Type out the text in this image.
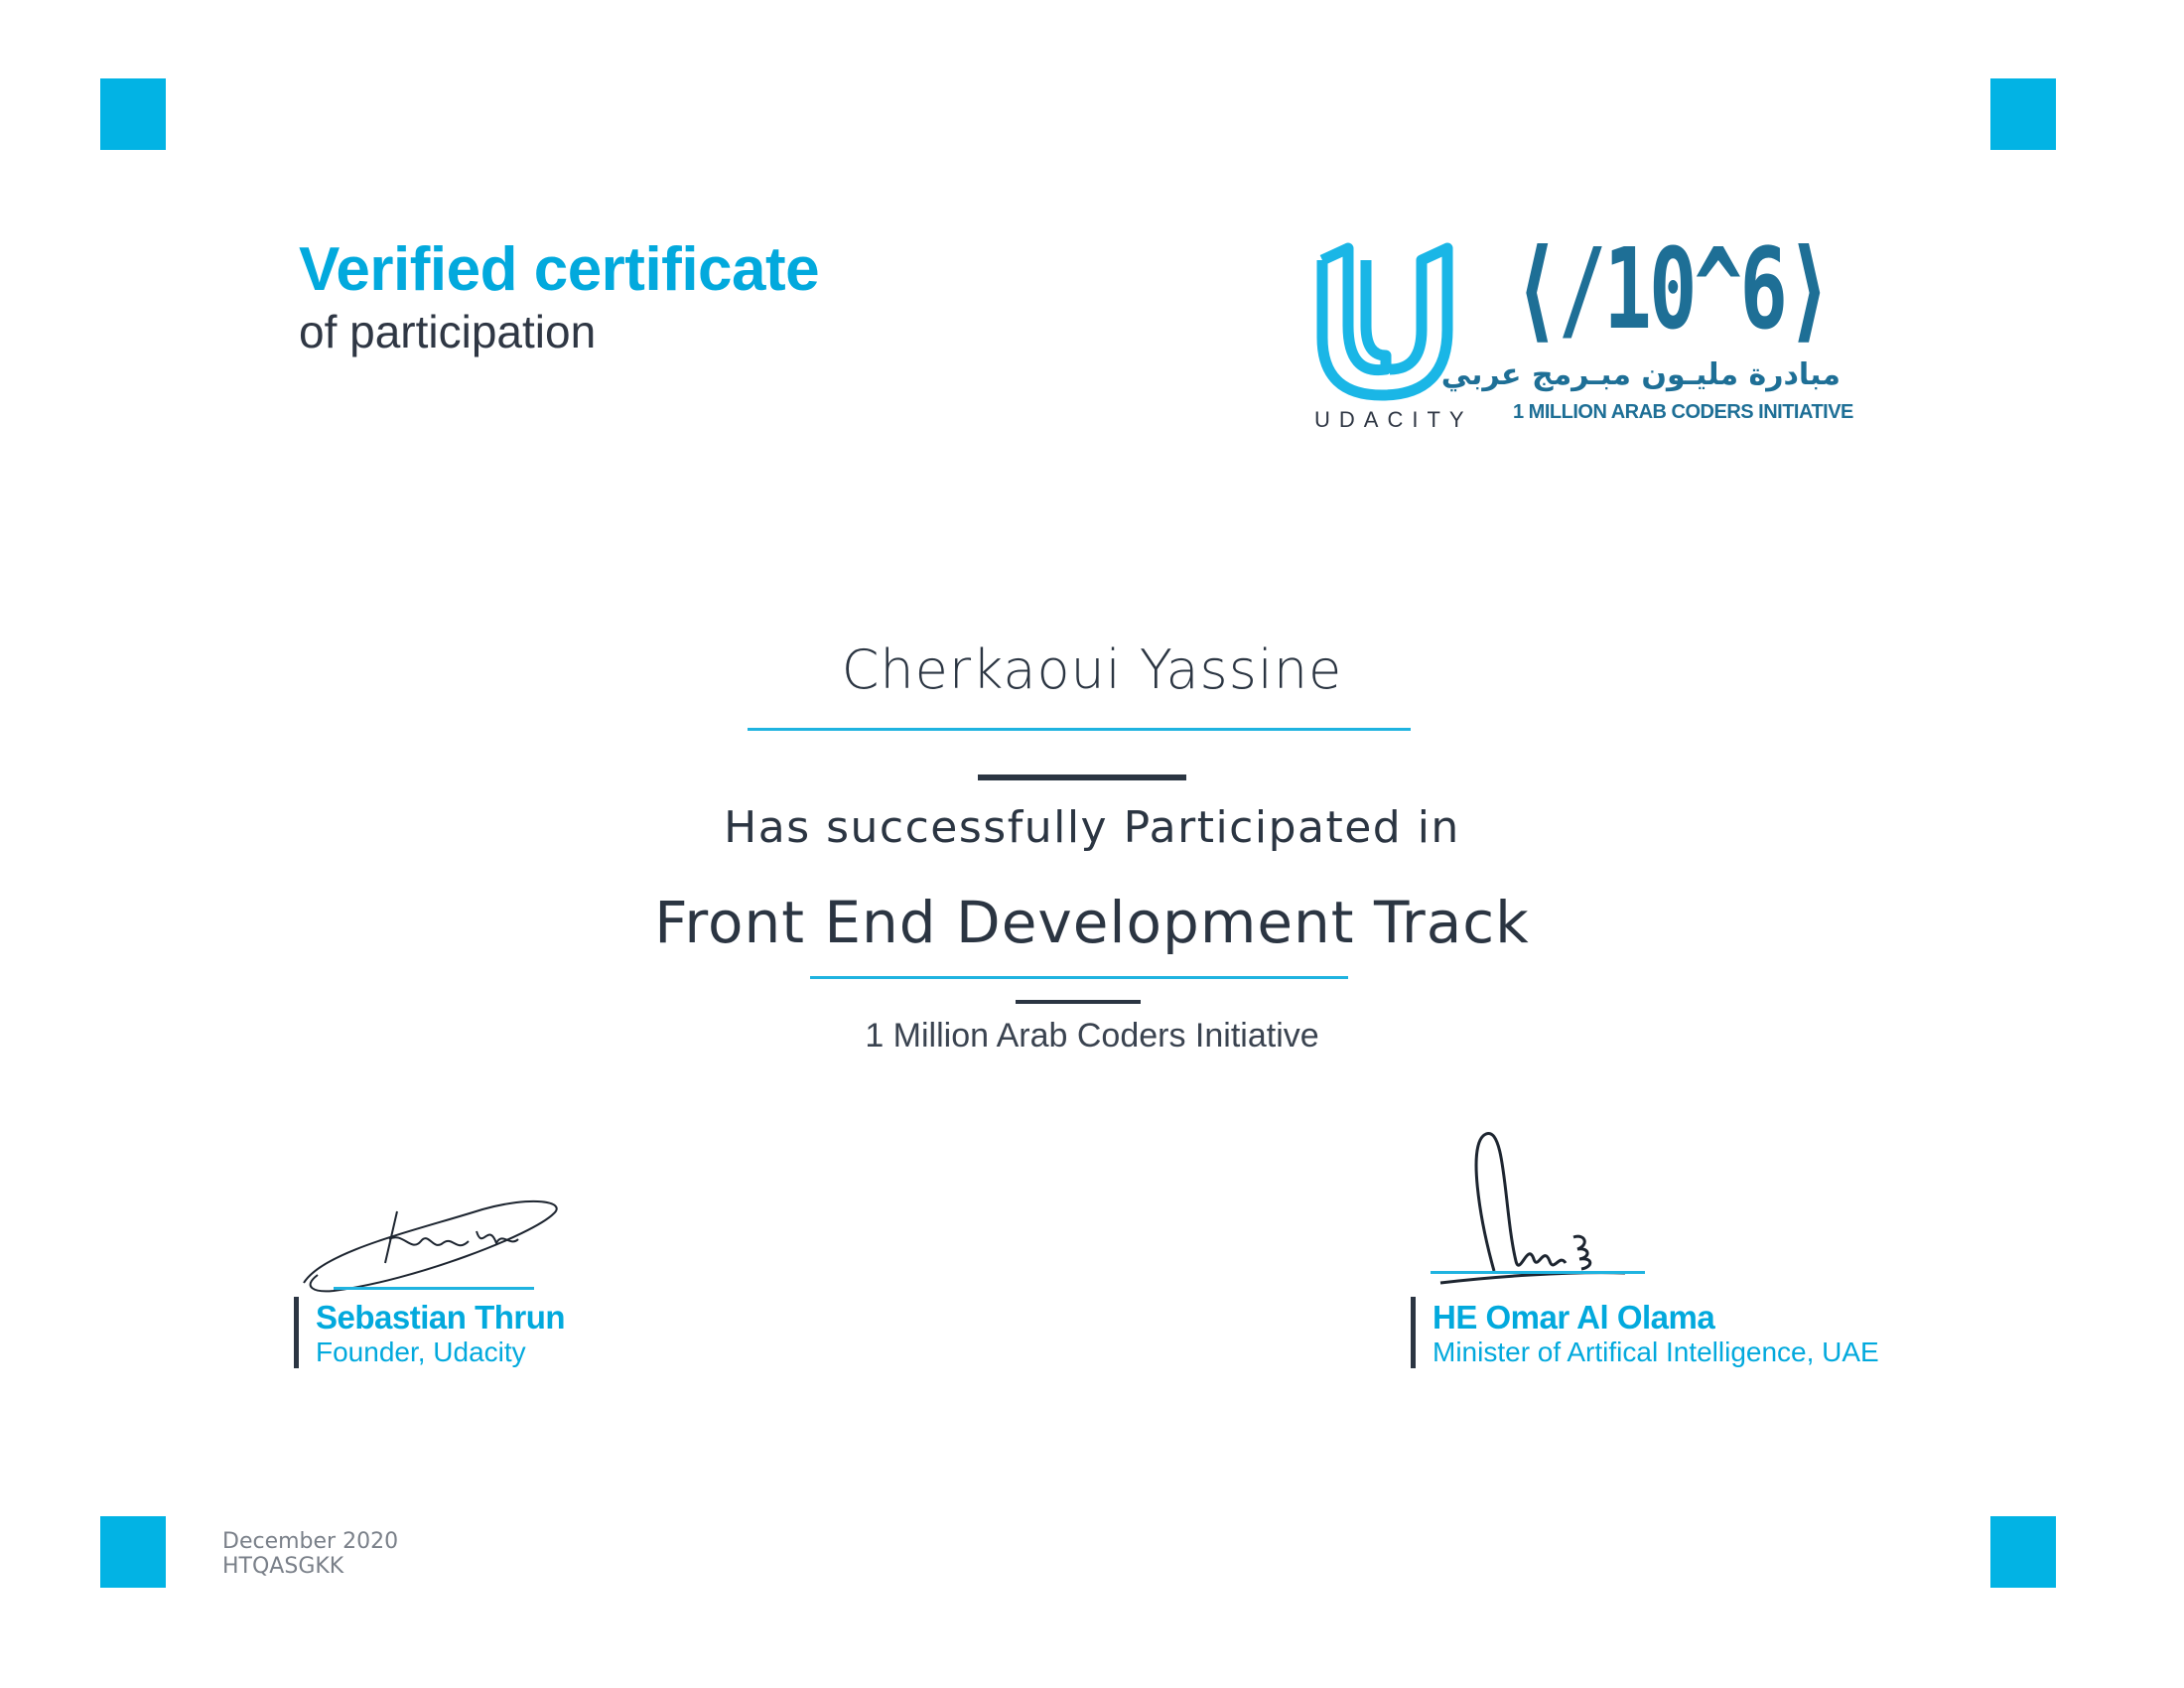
Verified certificate
of participation
UDACITY
⟨/10^6⟩
مبادرة مليـون مبـرمج عربي
1 MILLION ARAB CODERS INITIATIVE
Cherkaoui Yassine
Has successfully Participated in
Front End Development Track
1 Million Arab Coders Initiative
Sebastian Thrun
Founder, Udacity
HE Omar Al Olama
Minister of Artifical Intelligence, UAE
December 2020
HTQASGKK
